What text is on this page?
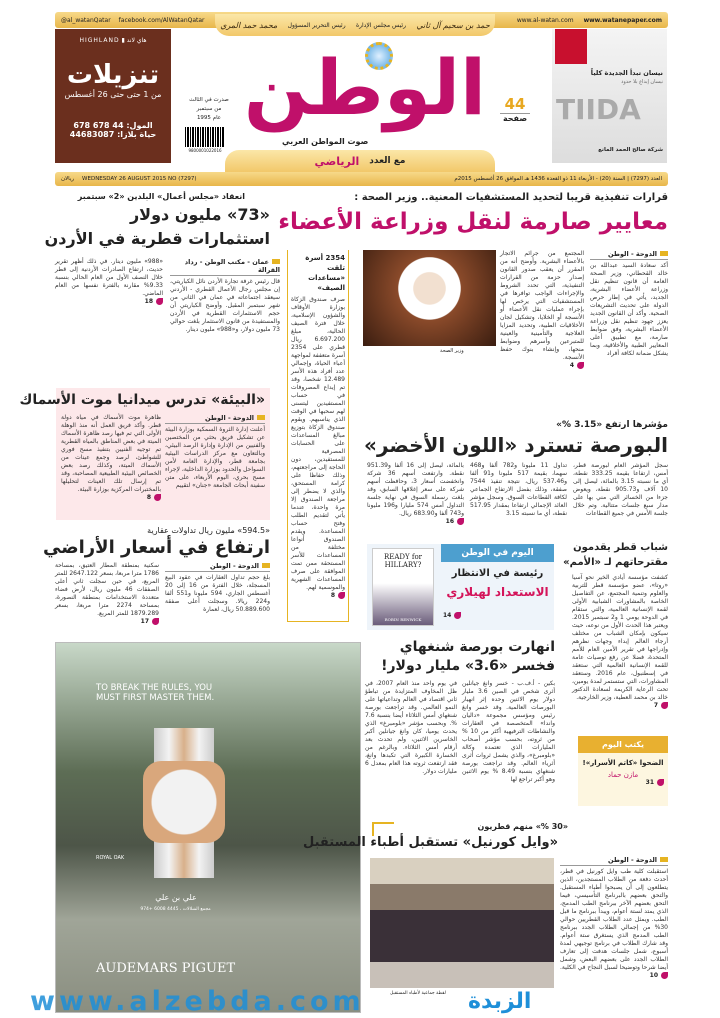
@al_watanQatar facebook.com/AlWatanQatar	www.al-watan.com www.watanepaper.com
حمد بن سحيم آل ثاني
رئيس مجلس الإدارة
رئيس التحرير المسؤول
محمد حمد المري
هاي لاند ▮ HIGHLAND
تنزيلات
من 1 حتى حتى 26 أغسطس
المول: 44 678 678
حياة بلازا: 44683087
صدرت في الثالث
من سبتمبر
عام 1995
9800001022016
الوطن
صوت المواطن العربي
44
صفحة
نيسان تبدأ الجديدة كلياً
نيسان إبداع بلا حدود
TIIDA
شركة صالح الحمد المانع
مع العدد
الرياضي
العدد (7297) | السنة (20) - الأربعاء 11 ذو القعدة 1436 هـ الموافق 26 أغسطس 2015م
WEDNESDAY 26 AUGUST 2015 NO (7297)
ريالان
قرارات تنفيذية قريبا لتحديد المستشفيات المعنية.. وزير الصحة :
معايير صارمة لنقل وزراعة الأعضاء
الدوحة - الوطن
أكد سعادة السيد عبدالله بن خالد القحطاني، وزير الصحة العامة أن قانون تنظيم نقل وزراعة الأعضاء البشرية، الجديد، يأتي في إطار حرص الدولة على تحديث التشريعات الصحية. وأكد أن القانون الجديد يعزز جهود تنظيم نقل وزراعة الأعضاء البشرية، وفق ضوابط صارمة، مع تطبيق أعلى المعايير الطبية والأخلاقية، وبما يشكل ضمانة لكافة أفراد
المجتمع من جرائم الاتجار بالأعضاء البشرية. وأوضح أنه من المقرر أن يعقب صدور القانون إصدار حزمة من القرارات التنفيذية، التي تحدد الشروط والإجراءات الواجب توافرها في المستشفيات التي يرخص لها بإجراء عمليات نقل الأعضاء أو الأنسجة أو الخلايا، وتشكيل لجان الأخلاقيات الطبية، وتحديد المزايا العلاجية والتأمينية والعينية للمتبرعين وأسرهم وضوابط منحها، وإنشاء بنوك حفظ الأنسجة.
4
وزير الصحة
2354 أسرة تلقت «مساعدات الصيف»
صرف صندوق الزكاة بوزارة الأوقاف والشؤون الإسلامية، خلال فترة الصيف الحالية، مبلغ 6.697.200 ريال قطري على 2354 أسرة متعففة لمواجهة أعباء الحياة، وإجمالي عدد أفراد هذه الأسر 12.489 شخصا، وقد تم إيداع المصروفات في حساب المستفيدين ليتسنى لهم سحبها في الوقت الذي يناسبهم. ويقوم صندوق الزكاة بتوزيع مبالغ المساعدات على الحسابات المصرفية للمستفيدين، دون الحاجة إلى مراجعتهم، وذلك حفاظا على كرامة المستحق، والذي لا يضطر إلى مراجعة الصندوق إلا مرة واحدة، عندما يأتي لتقديم الطلب وفتح حساب المساعدة. ويقدم الصندوق أنواعا مختلفة من المساعدات للأسر المستحقة ممن تمت الموافقة على صرف المساعدات الشهرية والموسمية لهم.
8
انعقاد «مجلس أعمال» البلدين «2» سبتمبر
«73» مليون دولار
استثمارات قطرية في الأردن
عمان - مكتب الوطن - رداد القرالة
قال رئيس غرفة تجارة الأردن نائل الكباريتي، إن مجلس رجال الأعمال القطري - الأردني سيعقد اجتماعاته في عمان في الثاني من شهر سبتمبر المقبل. وأوضح الكباريتي أن حجم الاستثمارات القطرية في الأردن والمستفيدة من قانون الاستثمار بلغت حوالي 73 مليون دولار، و«988» مليون دينار.
«988» مليون دينار. في ذلك أظهر تقرير حديث، ارتفاع الصادرات الأردنية إلى قطر خلال النصف الأول من العام الحالي بنسبة 9.33% مقارنة بالفترة نفسها من العام الماضي.
18
«البيئة» تدرس ميدانيا موت الأسماك
الدوحة - الوطن
أعلنت إدارة الثروة السمكية بوزارة البيئة عن تشكيل فريق بحثي من المختصين والفنيين من الإدارة وإدارة الرصد البيئي، وبالتعاون مع مركز الدراسات البيئية بجامعة قطر، والإدارة العامة لأمن السواحل والحدود بوزارة الداخلية، لإجراء مسح بحري، اليوم الأربعاء، على متن سفينة أبحاث الجامعة «جنان» لتقييم
ظاهرة موت الأسماك في مياه دولة قطر. وأكد فريق العمل أنه منذ الوهلة الأولى التي تم فيها رصد ظاهرة الأسماك الميتة في بعض المناطق بالمياه القطرية تم توجيه الفنيين بتنفيذ مسح فوري للشواطئ، لرصد وجمع عينات من الأسماك الميتة، وكذلك رصد بعض الخصائص البيئية الطبيعية المصاحبة، وقد تم إرسال تلك العينات لتحليلها بالمختبرات المركزية بوزارة البيئة.
8
«594.5» مليون ريال تداولات عقارية
ارتفاع في أسعار الأراضي
الدوحة - الوطن
بلغ حجم تداول العقارات في عقود البيع المسجلة، خلال الفترة من 16 إلى 20 أغسطس الجاري، 594 مليونا و551 ألفا و224 ريالا. وسجلت أعلى صفقة 50.889.600 ريال، لعمارة
سكنية بمنطقة المطار العتيق، بمساحة 1786 مترا مربعا، بسعر 2647.122 للمتر المربع، في حين سجلت ثاني أعلى الصفقات 46 مليون ريال، لأرض فضاء متعددة الاستخدامات بمنطقة النصورة، بمساحة 2274 مترا مربعا، بسعر 1879.289 للمتر المربع.
17
مؤشرها ارتفع «3.15 %»
البورصة تسترد «اللون الأخضر»
سجل المؤشر العام لبورصة قطر، أمس، ارتفاعا بقيمة 333.25 نقطة، أي ما نسبته 3.15 بالمائة، ليصل إلى 10 آلاف و905.73 نقطة، ويعوض جزءا من الخسائر التي مني بها على مدار سبع جلسات متتالية. وتم خلال جلسة الأمس في جميع القطاعات
تداول 11 مليونا و782 ألفا و468 سهما، بقيمة 517 مليونا و91 ألفا و537.46 ريال، نتيجة تنفيذ 7544 صفقة، وذلك بفضل الارتفاع الجماعي لكافة القطاعات السوق. وسجل مؤشر العائد الإجمالي ارتفاعا بمقدار 517.95 نقطة، أي ما نسبته 3.15
بالمائة، ليصل إلى 16 ألفا و951.39 نقطة. وارتفعت أسهم 36 شركة وانخفضت أسعار 3، وحافظت أسهم شركة على سعر إغلاقها السابق، وقد بلغت رسملة السوق في نهاية جلسة التداول أمس 574 مليارا و196 مليونا و743 ألفا و683.90 ريال.
16
READY for HILLARY?
ROBIN RENWICK
اليوم في الوطن
رئيسة في الانتظار
الاستعداد لهيلاري
14
شباب قطر يقدمون
مقترحاتهم لـ «الأمم»
كشفت مؤسسة أيادي الخير نحو آسيا «روتا»، عضو مؤسسة قطر للتربية والعلوم وتنمية المجتمع، عن التفاصيل الخاصة بالمشاورات الشبابية الأولى لقمة الإنسانية العالمية، والتي ستقام في الدوحة يومي 1 و2 سبتمبر 2015. ويعتبر هذا الحدث الأول من نوعه، حيث سيكون بإمكان الشباب من مختلف أرجاء العالم إبداء وجهات نظرهم وإدراجها في تقرير الأمين العام للأمم المتحدة، فضلا عن رفع توصيات عامة للقمة الإنسانية العالمية التي ستعقد في إسطنبول، عام 2016. وستعقد المشاورات، التي ستستمر لمدة يومين، تحت الرعاية الكريمة لسعادة الدكتور خالد بن محمد العطية، وزير الخارجية.
7
TO BREAK THE RULES, YOU MUST FIRST MASTER THEM.
ROYAL OAK
علي بن علي
مجمع الشلالات ، 4445 6008 +974
AUDEMARS PIGUET
انهارت بورصة شنغهاي
فخسر «3.6» مليار دولار!
بكين - أ.ف.ب - خسر وانغ جيانلين أثرى شخص في الصين 3.6 مليار دولار يوم الاثنين وحده إثر انهيار البورصات العالمية. وقد خسر وانغ رئيس ومؤسس مجموعة «داليان واندا» المتخصصة في العقارات والنشاطات الترفيهية أكثر من 10 % من ثروته، بحسب مؤشر أصحاب المليارات الذي تعتمده وكالة «بلومبرغ»، والذي يشمل ثروات أثرى أثرياء العالم. وقد تراجعت بورصة شنغهاي بنسبة 8.49 % يوم الاثنين وهو أكبر تراجع لها
في يوم واحد منذ العام 2007، في ظل المخاوف المتزايدة من تباطؤ ثاني اقتصاد في العالم وتداعياتها على النمو العالمي. وقد تراجعت بورصة شنغهاي أمس الثلاثاء أيضا بنسبة 7.6 %. وبحسب مؤشر «بلومبرغ» الذي يحدث يوميا، كان وانغ جيانلين أكبر الخاسرين الاثنين، ولم تحدث بعد أرقام أمس الثلاثاء. وبالرغم من الخسارة الكبيرة التي تكبدها وانغ، فقد ارتفعت ثروته هذا العام بمعدل 6 مليارات دولار.
يكتب اليوم
الضحوا «كاتم الأسرار»!
مازن حماد
31
«30 %» منهم قطريون
«وايل كورنيل» تستقبل أطباء المستقبل
لقطة جماعية لأطباء المستقبل
الدوحة - الوطن
استقبلت كلية طب وايل كورنيل في قطر، أحدث دفعة من الطلاب المستجدين، الذين يتطلعون إلى أن يصبحوا أطباء المستقبل. والتحق بعضهم بالبرنامج التأسيسي، فيما التحق بعضهم الآخر ببرنامج الطب المدمج، الذي يمتد لستة أعوام، ويبدأ ببرنامج ما قبل الطب. ويمثل عدد الطلاب القطريين حوالي 30% من إجمالي الطلاب الجدد ببرنامج الطب المدمج الذي يستغرق ستة أعوام. وقد شارك الطلاب في برنامج توجيهي لمدة أسبوع، شمل جلسات هدفت إلى تعارف الطلاب الجدد على بعضهم البعض، وشمل أيضا شرحا وتوضيحا لسبل النجاح في الكلية.
10
www.alzebda.com	الزبدة
